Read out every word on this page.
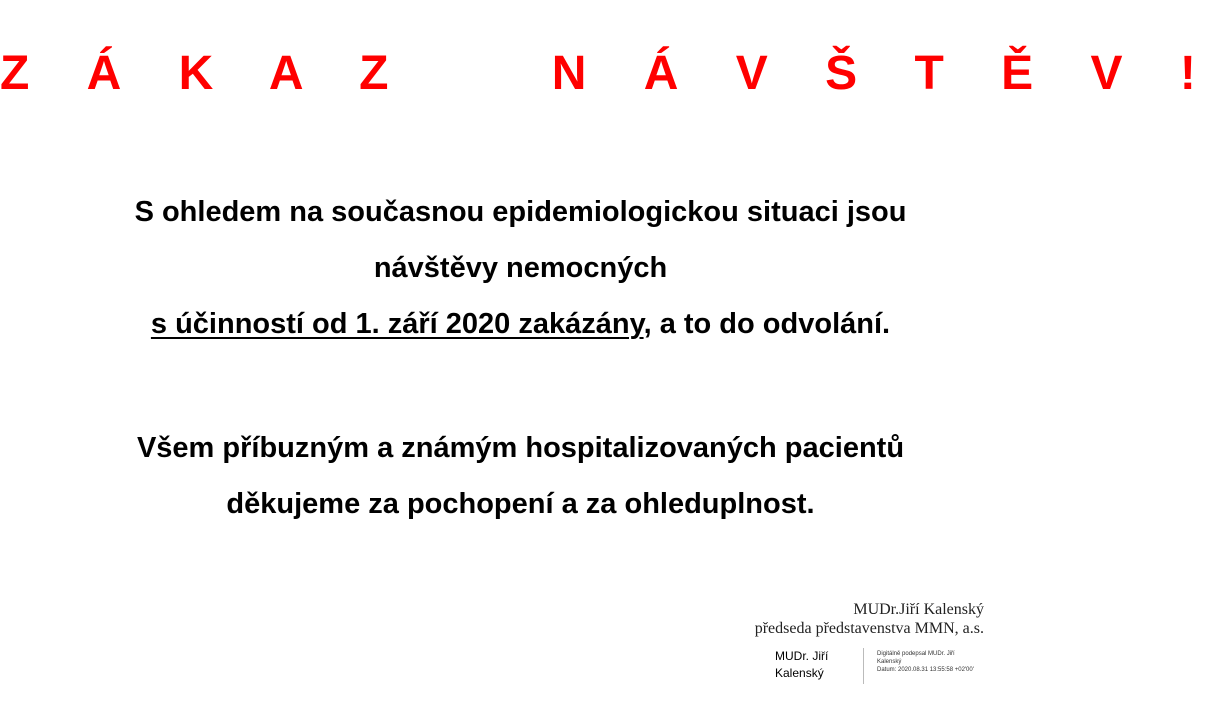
Z Á K A Z    N Á V Š T Ě V !
S ohledem na současnou epidemiologickou situaci jsou
návštěvy nemocných
s účinností od 1. září 2020 zakázány, a to do odvolání.
Všem příbuzným a známým hospitalizovaných pacientů
děkujeme za pochopení a za ohleduplnost.
MUDr.Jiří Kalenský
předseda představenstva MMN, a.s.
MUDr. Jiří
Kalenský
Digitálně podepsal MUDr. Jiří
Kalenský
Datum: 2020.08.31 13:55:58 +02'00'
